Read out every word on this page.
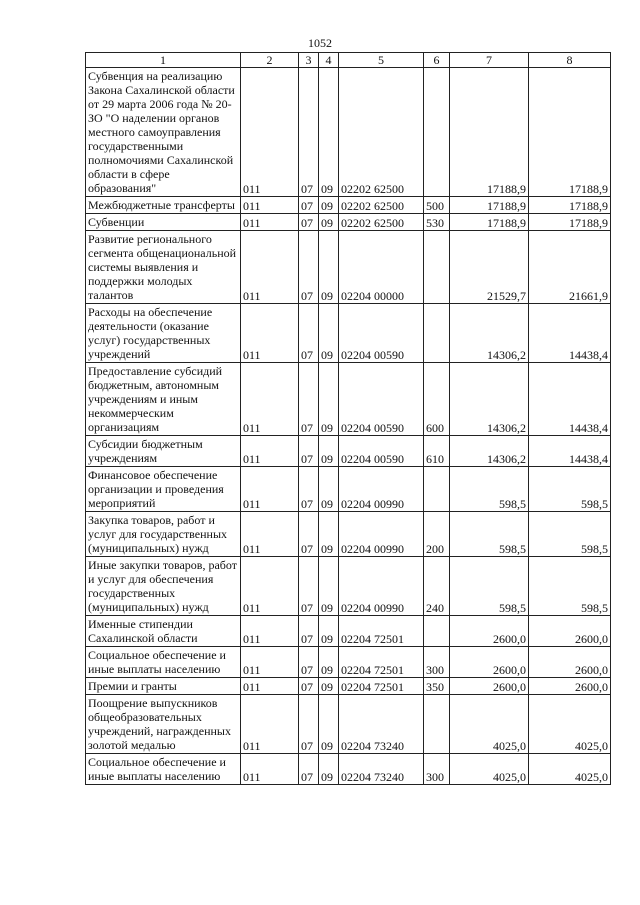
1052
1	2	3	4	5	6	7	8
Субвенция на реализацию Закона Сахалинской области от 29 марта 2006 года № 20-ЗО "О наделении органов местного самоуправления государственными полномочиями Сахалинской области в сфере образования"	011	07	09	02202 62500		17188,9	17188,9
Межбюджетные трансферты	011	07	09	02202 62500	500	17188,9	17188,9
Субвенции	011	07	09	02202 62500	530	17188,9	17188,9
Развитие регионального сегмента общенациональной системы выявления и поддержки молодых талантов	011	07	09	02204 00000		21529,7	21661,9
Расходы на обеспечение деятельности (оказание услуг) государственных учреждений	011	07	09	02204 00590		14306,2	14438,4
Предоставление субсидий бюджетным, автономным учреждениям и иным некоммерческим организациям	011	07	09	02204 00590	600	14306,2	14438,4
Субсидии бюджетным учреждениям	011	07	09	02204 00590	610	14306,2	14438,4
Финансовое обеспечение организации и проведения мероприятий	011	07	09	02204 00990		598,5	598,5
Закупка товаров, работ и услуг для государственных (муниципальных) нужд	011	07	09	02204 00990	200	598,5	598,5
Иные закупки товаров, работ и услуг для обеспечения государственных (муниципальных) нужд	011	07	09	02204 00990	240	598,5	598,5
Именные стипендии Сахалинской области	011	07	09	02204 72501		2600,0	2600,0
Социальное обеспечение и иные выплаты населению	011	07	09	02204 72501	300	2600,0	2600,0
Премии и гранты	011	07	09	02204 72501	350	2600,0	2600,0
Поощрение выпускников общеобразовательных учреждений, награжденных золотой медалью	011	07	09	02204 73240		4025,0	4025,0
Социальное обеспечение и иные выплаты населению	011	07	09	02204 73240	300	4025,0	4025,0
